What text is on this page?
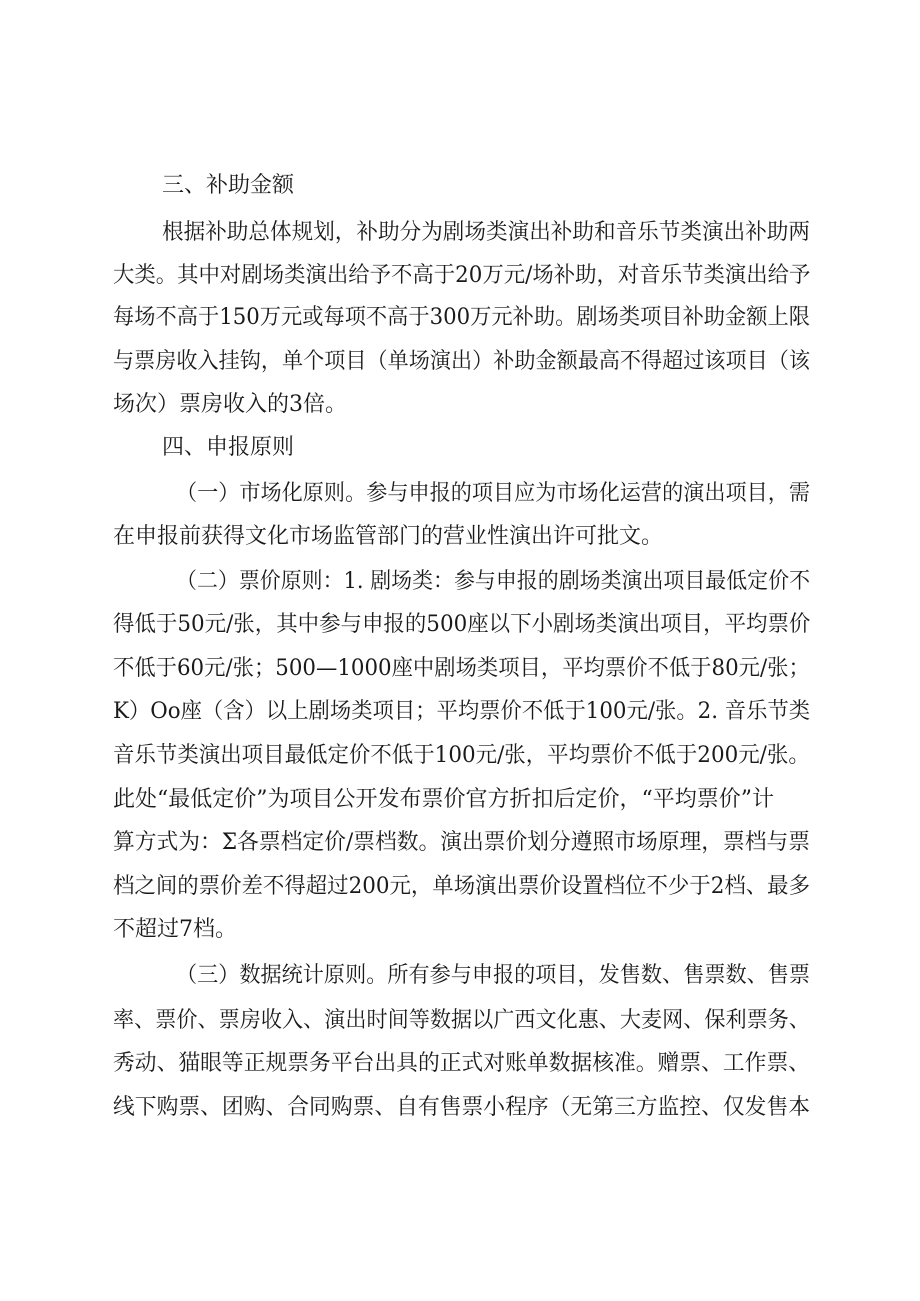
三、补助金额
根据补助总体规划，补助分为剧场类演出补助和音乐节类演出补助两
大类。其中对剧场类演出给予不高于20万元/场补助，对音乐节类演出给予
每场不高于150万元或每项不高于300万元补助。剧场类项目补助金额上限
与票房收入挂钩，单个项目（单场演出）补助金额最高不得超过该项目（该
场次）票房收入的3倍。
四、申报原则
（一）市场化原则。参与申报的项目应为市场化运营的演出项目，需
在申报前获得文化市场监管部门的营业性演出许可批文。
（二）票价原则：1. 剧场类：参与申报的剧场类演出项目最低定价不
得低于50元/张，其中参与申报的500座以下小剧场类演出项目，平均票价
不低于60元/张；500—1000座中剧场类项目，平均票价不低于80元/张；
K）Oo座（含）以上剧场类项目；平均票价不低于100元/张。2. 音乐节类
音乐节类演出项目最低定价不低于100元/张，平均票价不低于200元/张。
此处“最低定价”为项目公开发布票价官方折扣后定价，“平均票价”计
算方式为：Σ各票档定价/票档数。演出票价划分遵照市场原理，票档与票
档之间的票价差不得超过200元，单场演出票价设置档位不少于2档、最多
不超过7档。
（三）数据统计原则。所有参与申报的项目，发售数、售票数、售票
率、票价、票房收入、演出时间等数据以广西文化惠、大麦网、保利票务、
秀动、猫眼等正规票务平台出具的正式对账单数据核准。赠票、工作票、
线下购票、团购、合同购票、自有售票小程序（无第三方监控、仅发售本
